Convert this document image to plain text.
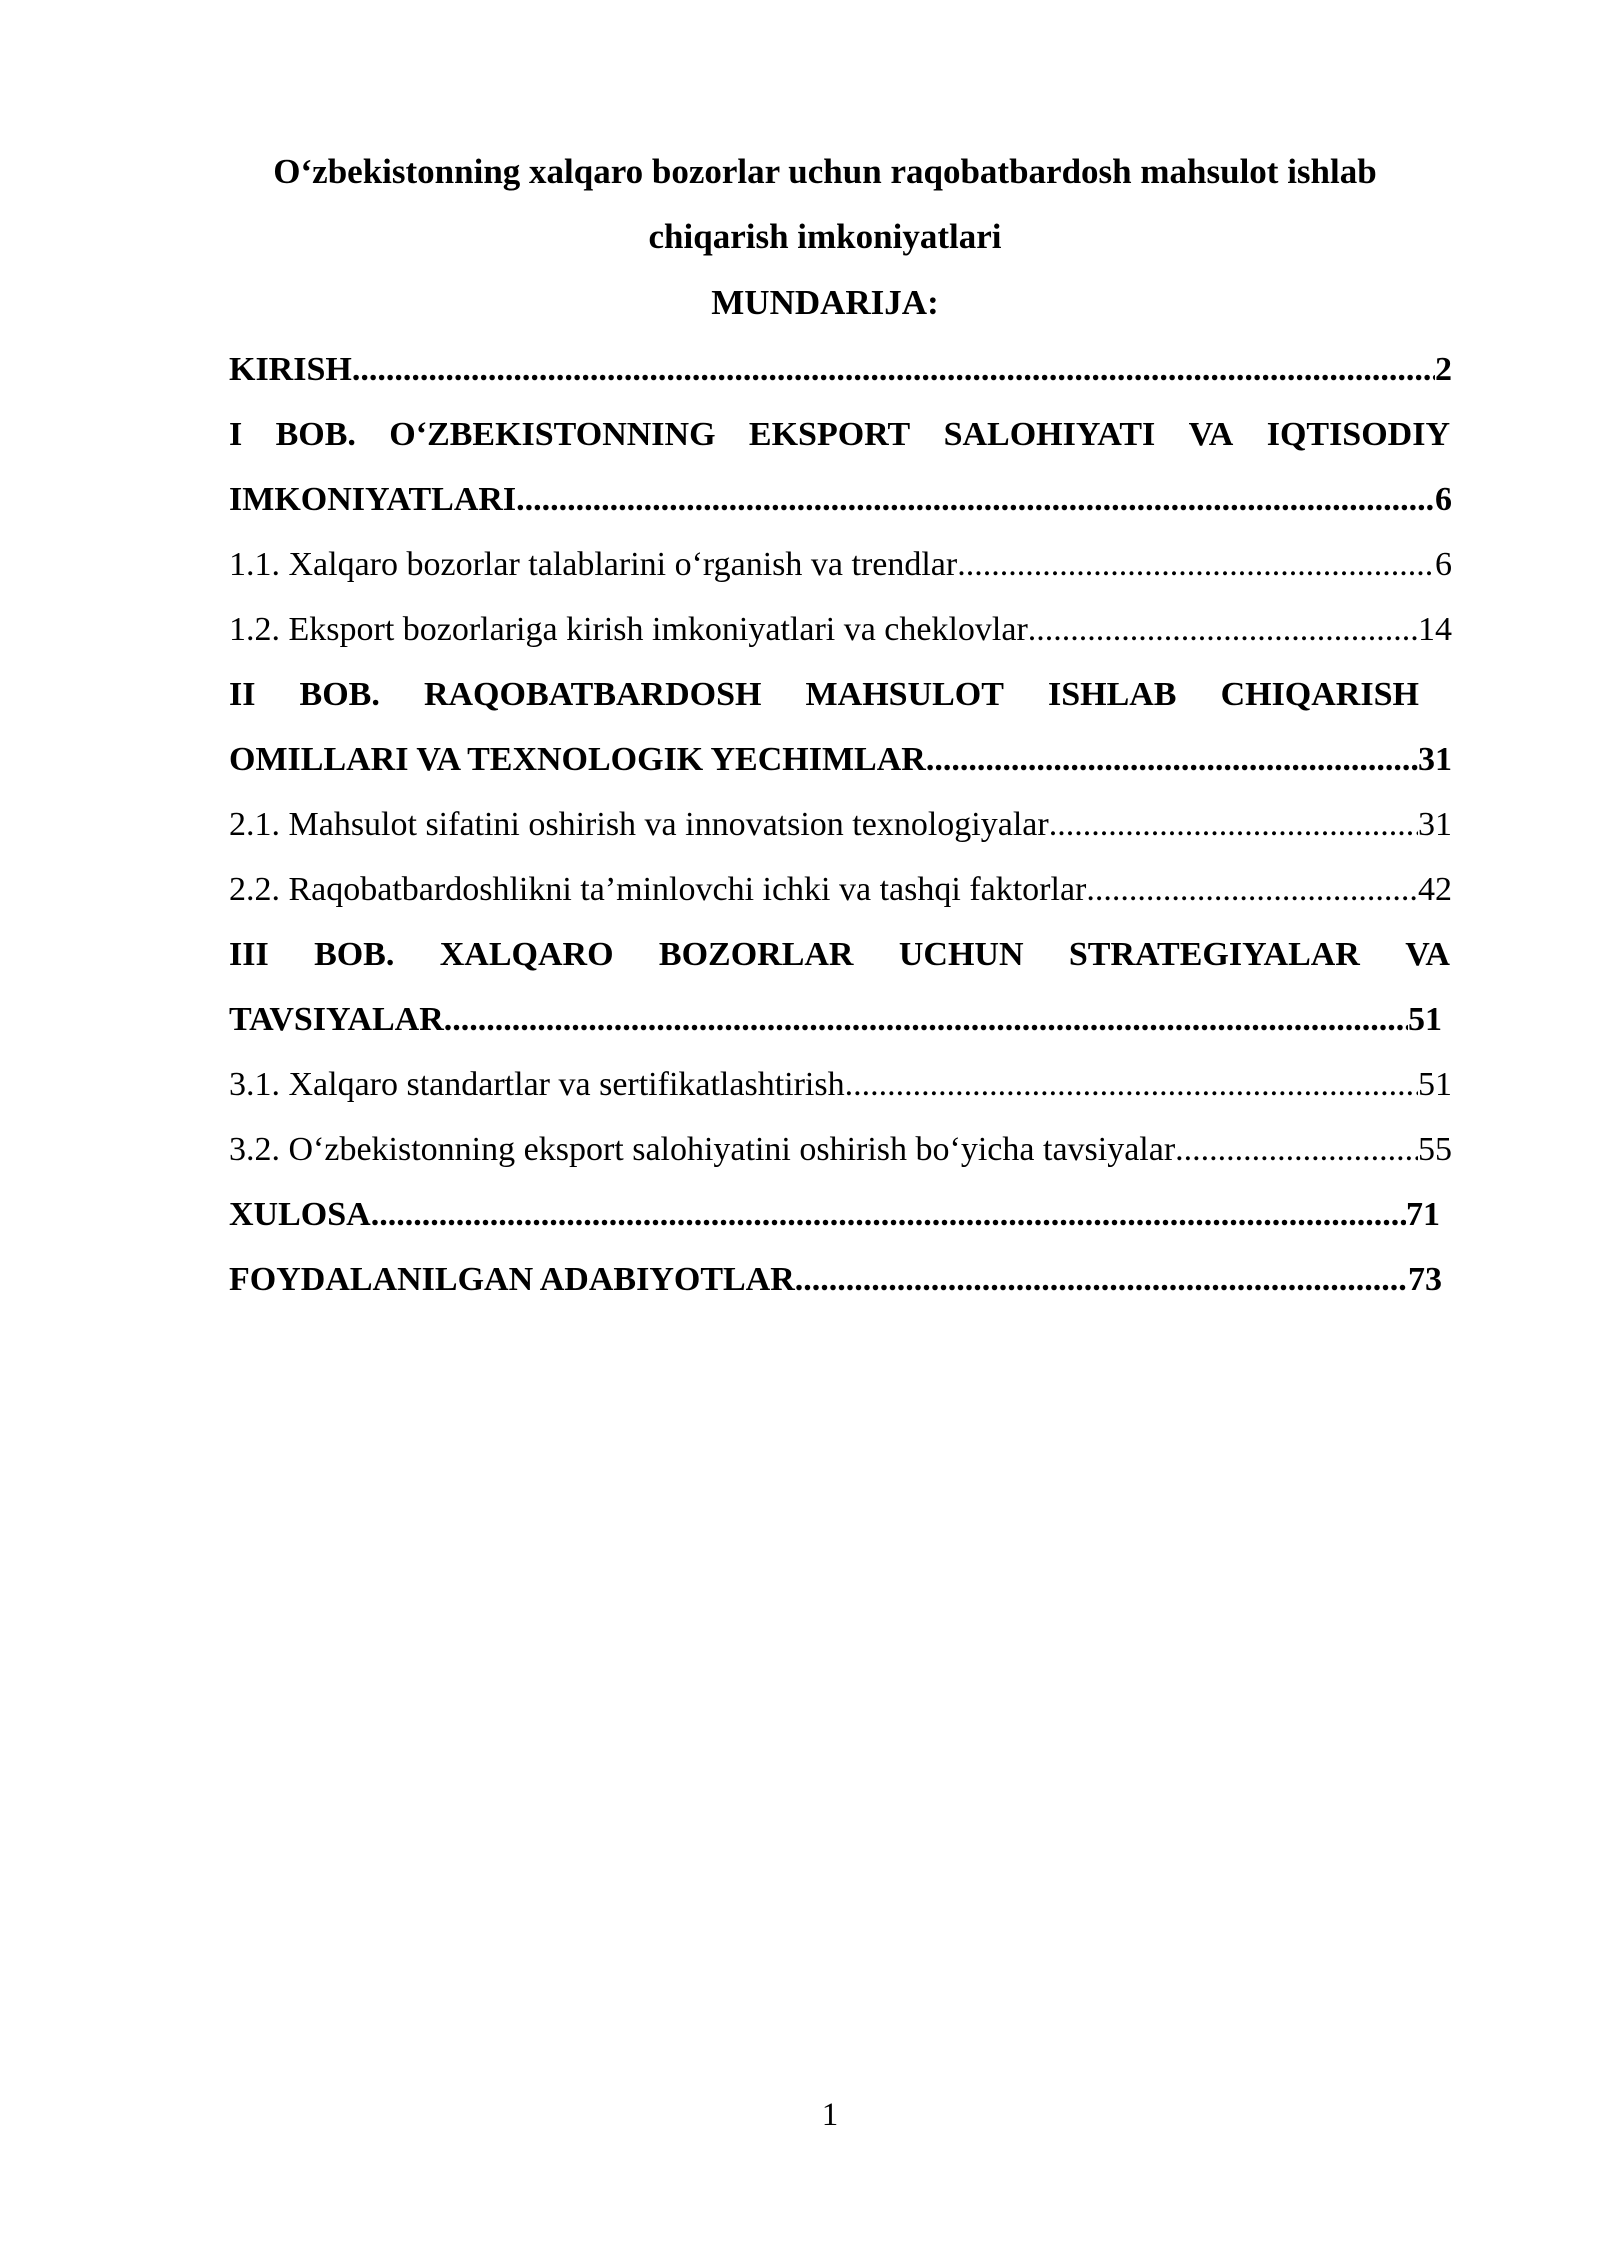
O‘zbekistonning xalqaro bozorlar uchun raqobatbardosh mahsulot ishlab
chiqarish imkoniyatlari
MUNDARIJA:
KIRISH .....	2
I BOB. O‘ZBEKISTONNING EKSPORT SALOHIYATI VA IQTISODIY
IMKONIYATLARI .....	6
1.1. Xalqaro bozorlar talablarini o‘rganish va trendlar .....	6
1.2. Eksport bozorlariga kirish imkoniyatlari va cheklovlar .....	14
II BOB. RAQOBATBARDOSH MAHSULOT ISHLAB CHIQARISH
OMILLARI VA TEXNOLOGIK YECHIMLAR .....	31
2.1. Mahsulot sifatini oshirish va innovatsion texnologiyalar .....	31
2.2. Raqobatbardoshlikni ta’minlovchi ichki va tashqi faktorlar .....	42
III BOB. XALQARO BOZORLAR UCHUN STRATEGIYALAR VA
TAVSIYALAR .....	51
3.1. Xalqaro standartlar va sertifikatlashtirish .....	51
3.2. O‘zbekistonning eksport salohiyatini oshirish bo‘yicha tavsiyalar .....	55
XULOSA .....	71
FOYDALANILGAN ADABIYOTLAR .....	73
1
